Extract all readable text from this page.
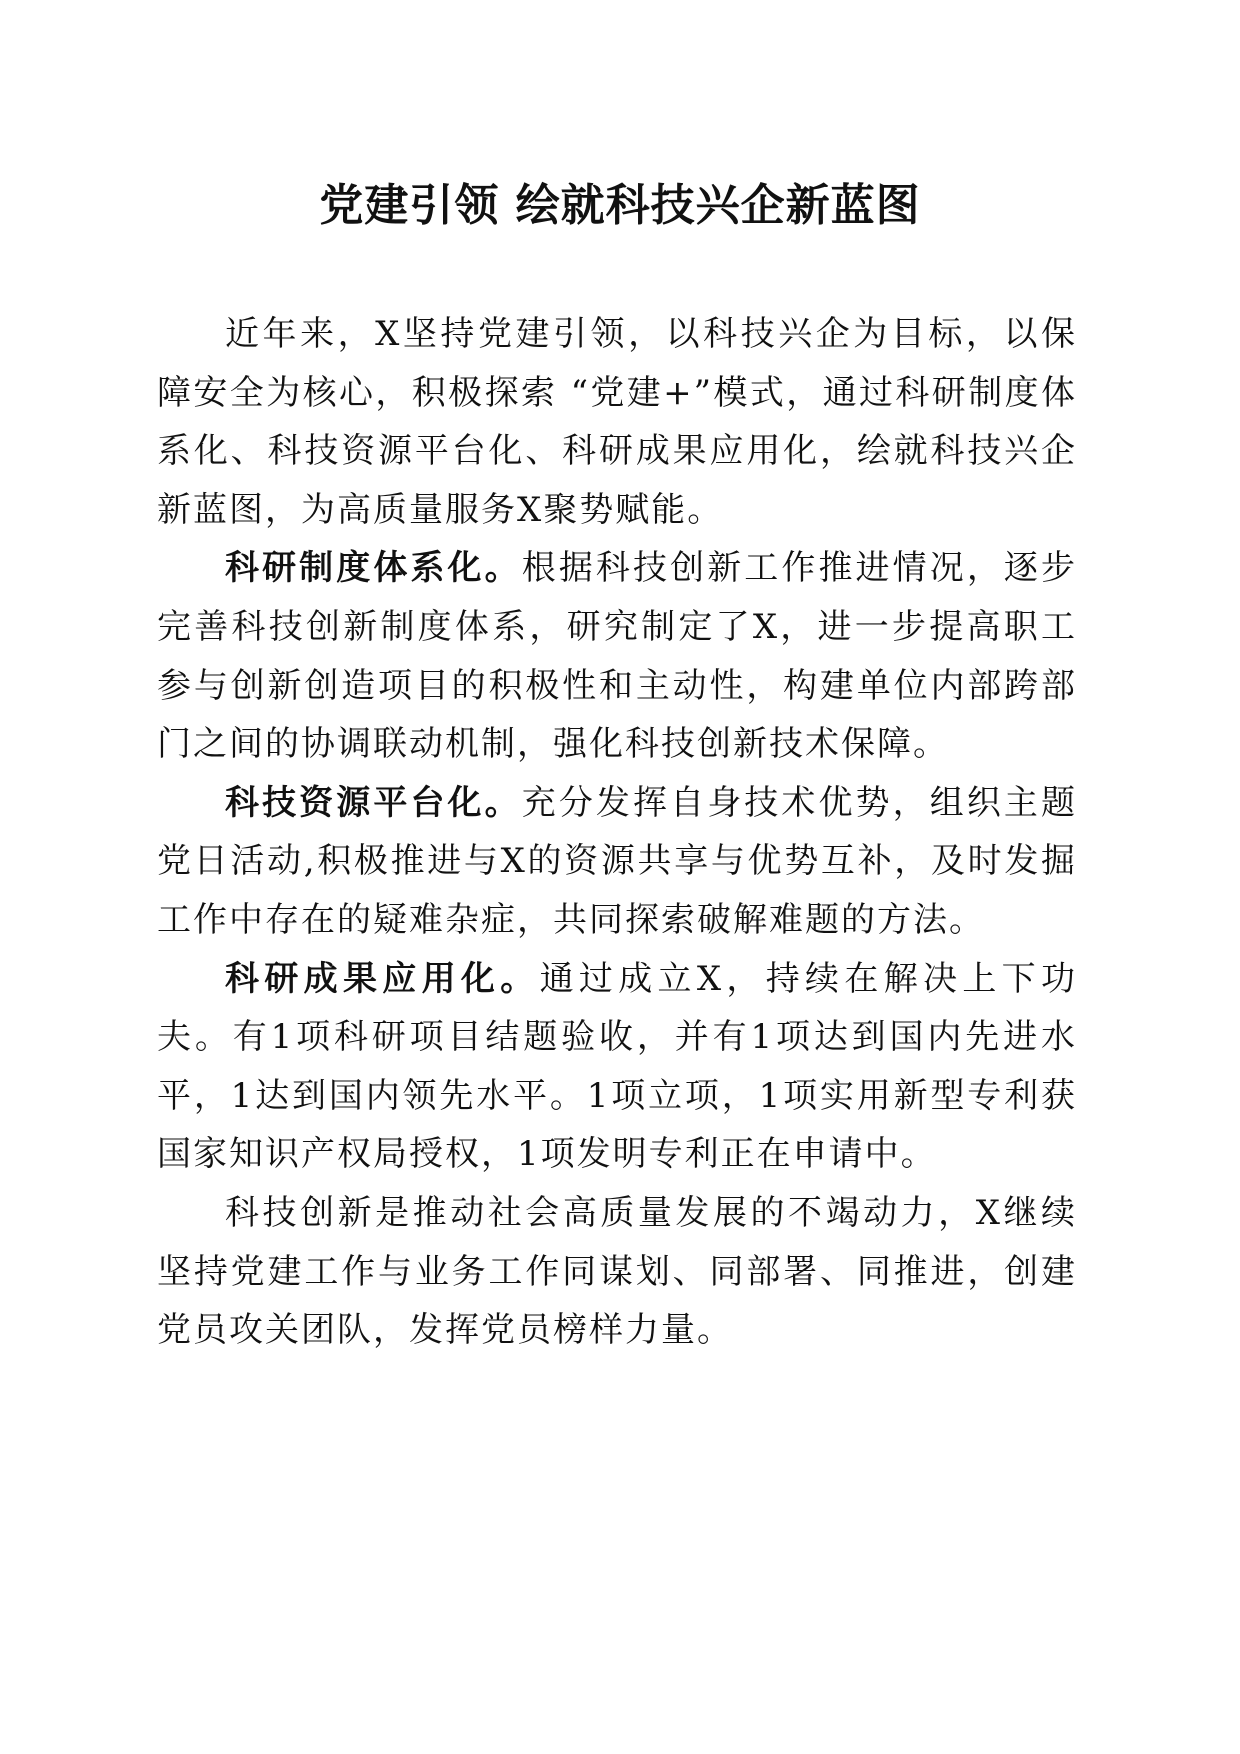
党建引领 绘就科技兴企新蓝图

近年来，X坚持党建引领，以科技兴企为目标，以保障安全为核心，积极探索 “党建+”模式，通过科研制度体系化、科技资源平台化、科研成果应用化，绘就科技兴企新蓝图，为高质量服务X聚势赋能。

科研制度体系化。根据科技创新工作推进情况，逐步完善科技创新制度体系，研究制定了X，进一步提高职工参与创新创造项目的积极性和主动性，构建单位内部跨部门之间的协调联动机制，强化科技创新技术保障。

科技资源平台化。充分发挥自身技术优势，组织主题党日活动,积极推进与X的资源共享与优势互补，及时发掘工作中存在的疑难杂症，共同探索破解难题的方法。

科研成果应用化。通过成立X，持续在解决上下功夫。有1项科研项目结题验收，并有1项达到国内先进水平，1达到国内领先水平。1项立项，1项实用新型专利获国家知识产权局授权，1项发明专利正在申请中。

科技创新是推动社会高质量发展的不竭动力，X继续坚持党建工作与业务工作同谋划、同部署、同推进，创建党员攻关团队，发挥党员榜样力量。
